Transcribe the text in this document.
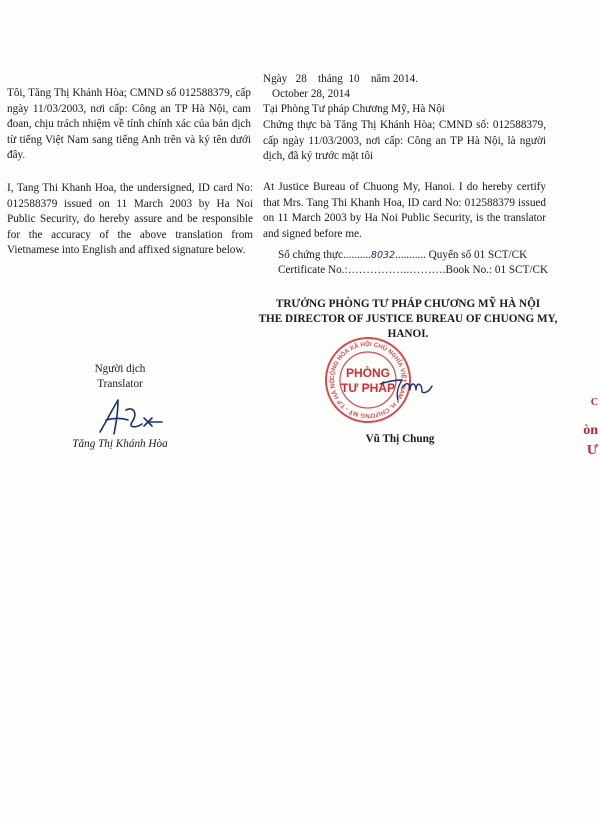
Tôi, Tăng Thị Khánh Hòa; CMND số 012588379, cấp ngày 11/03/2003, nơi cấp: Công an TP Hà Nội, cam đoan, chịu trách nhiệm về tính chính xác của bản dịch từ tiếng Việt Nam sang tiếng Anh trên và ký tên dưới đây.

I, Tang Thi Khanh Hoa, the undersigned, ID card No: 012588379 issued on 11 March 2003 by Ha Noi Public Security, do hereby assure and be responsible for the accuracy of the above translation from Vietnamese into English and affixed signature below.

Người dịch
Translator
Tăng Thị Khánh Hòa
Ngày 28 tháng 10 năm 2014.
October 28, 2014
Tại Phòng Tư pháp Chương Mỹ, Hà Nội

Chứng thực bà Tăng Thị Khánh Hòa; CMND số: 012588379, cấp ngày 11/03/2003, nơi cấp: Công an TP Hà Nội, là người dịch, đã ký trước mặt tôi

At Justice Bureau of Chuong My, Hanoi. I do hereby certify that Mrs. Tang Thi Khanh Hoa, ID card No: 012588379 issued on 11 March 2003 by Ha Noi Public Security, is the translator and signed before me.

Số chứng thực..........8032........... Quyển số 01 SCT/CK
Certificate No.:……………..……….Book No.: 01 SCT/CK
TRƯỞNG PHÒNG TƯ PHÁP CHƯƠNG MỸ HÀ NỘI
THE DIRECTOR OF JUSTICE BUREAU OF CHUONG MY,
HANOI.
CỘNG HÒA XÃ HỘI CHỦ NGHĨA VIỆT NAM * H. CHƯƠNG MỸ - T.P HÀ NỘ
PHÒNG
TƯ PHÁP
Vũ Thị Chung
C
òn
Ư
